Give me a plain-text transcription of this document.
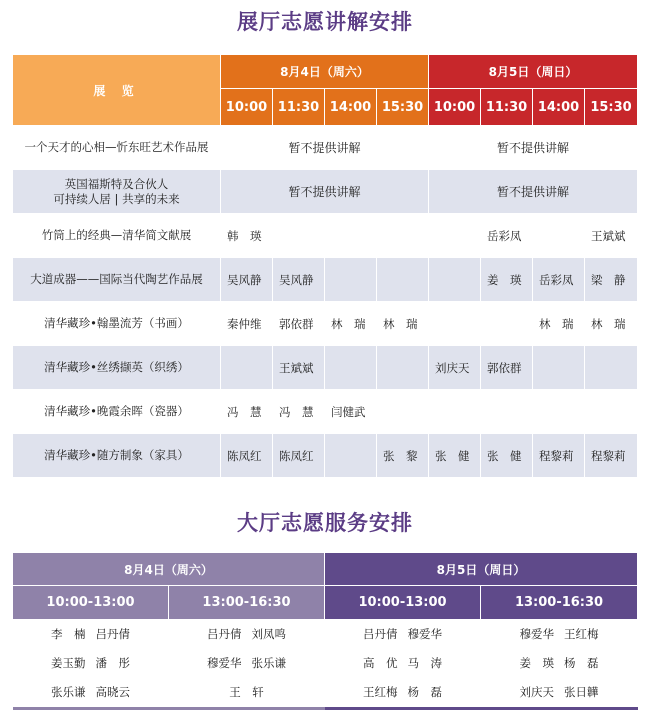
展厅志愿讲解安排
展 览	8月4日（周六）				8月5日（周日）			
	10:00	11:30	14:00	15:30	10:00	11:30	14:00	15:30
一个天才的心相—忻东旺艺术作品展	暂不提供讲解				暂不提供讲解			
英国福斯特及合伙人
可持续人居 | 共享的未来	暂不提供讲解				暂不提供讲解			
竹筒上的经典—清华简文献展	韩　瑛					岳彩凤		王斌斌
大道成器——国际当代陶艺作品展	吴风静	吴风静				姜　瑛	岳彩凤	梁　静
清华藏珍•翰墨流芳（书画）	秦仲维	郭依群	林　瑞	林　瑞			林　瑞	林　瑞
清华藏珍•丝绣撷英（织绣）		王斌斌			刘庆天	郭依群		
清华藏珍•晚霞余晖（瓷器）	冯　慧	冯　慧	闫健武					
清华藏珍•随方制象（家具）	陈凤红	陈凤红		张　黎	张　健	张　健	程黎莉	程黎莉
大厅志愿服务安排
8月4日（周六）		8月5日（周日）	
10:00-13:00	13:00-16:30	10:00-13:00	13:00-16:30
李　楠 吕丹倩	吕丹倩 刘凤鸣	吕丹倩 穆爱华	穆爱华 王红梅
姜玉勤 潘　彤	穆爱华 张乐谦	高　优 马　涛	姜　瑛 杨　磊
张乐谦 高晓云	王　轩	王红梅 杨　磊	刘庆天 张日韡
